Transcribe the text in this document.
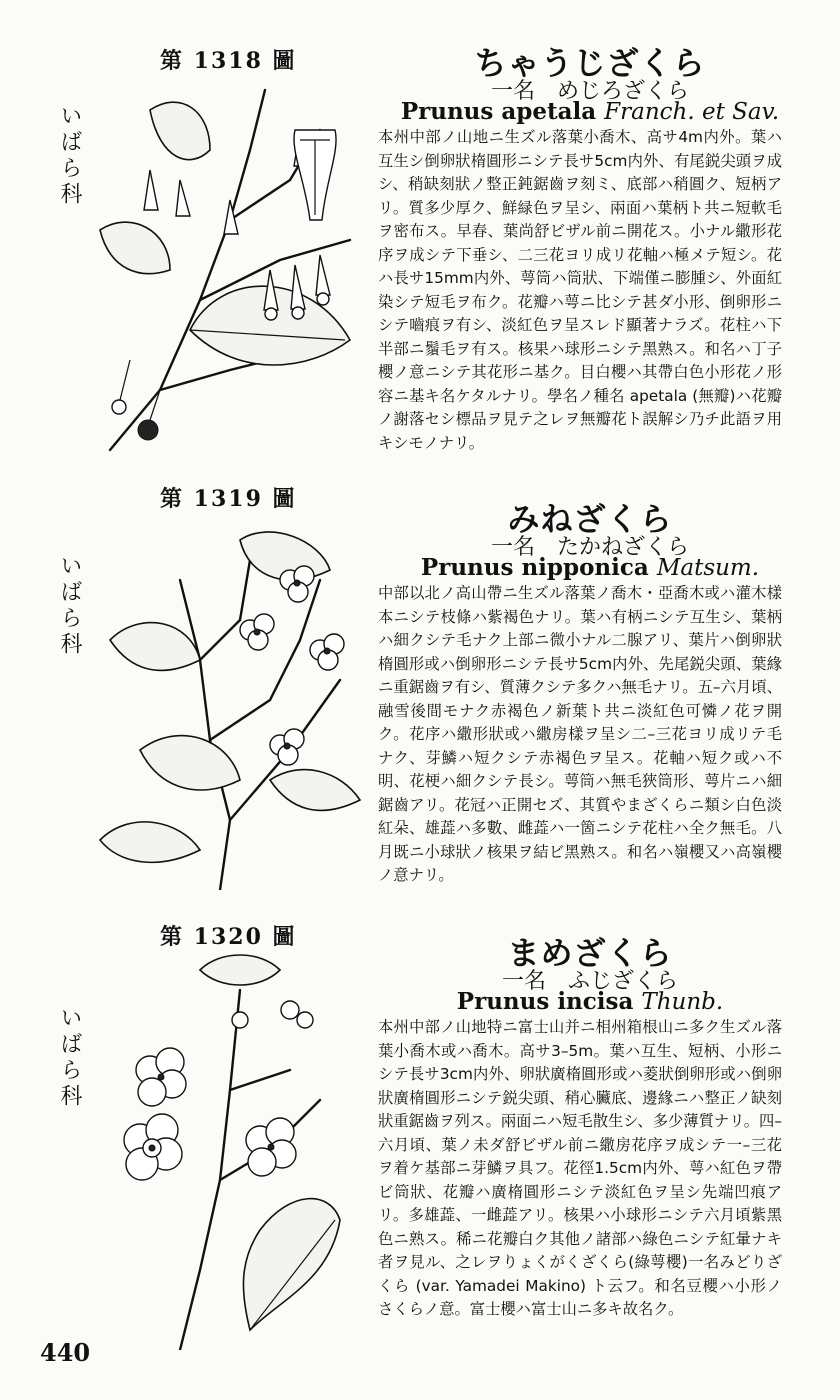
第 1318 圖
いばら科
ちゃうじざくら
一名　めじろざくら
Prunus apetala Franch. et Sav.
本州中部ノ山地ニ生ズル落葉小喬木、高サ4m内外。葉ハ互生シ倒卵狀楕圓形ニシテ長サ5cm内外、有尾鋭尖頭ヲ成シ、稍缺刻狀ノ整正鈍鋸齒ヲ刻ミ、底部ハ稍圓ク、短柄アリ。質多少厚ク、鮮緑色ヲ呈シ、兩面ハ葉柄ト共ニ短軟毛ヲ密布ス。早春、葉尚舒ビザル前ニ開花ス。小ナル繖形花序ヲ成シテ下垂シ、二三花ヨリ成リ花軸ハ極メテ短シ。花ハ長サ15mm内外、萼筒ハ筒狀、下端僅ニ膨腫シ、外面紅染シテ短毛ヲ布ク。花瓣ハ萼ニ比シテ甚ダ小形、倒卵形ニシテ嚙痕ヲ有シ、淡紅色ヲ呈スレド顯著ナラズ。花柱ハ下半部ニ鬚毛ヲ有ス。核果ハ球形ニシテ黑熟ス。和名ハ丁子櫻ノ意ニシテ其花形ニ基ク。目白櫻ハ其帶白色小形花ノ形容ニ基キ名ケタルナリ。學名ノ種名 apetala (無瓣)ハ花瓣ノ謝落セシ標品ヲ見テ之レヲ無瓣花ト誤解シ乃チ此語ヲ用キシモノナリ。
第 1319 圖
いばら科
みねざくら
一名　たかねざくら
Prunus nipponica Matsum.
中部以北ノ高山帶ニ生ズル落葉ノ喬木・亞喬木或ハ灌木樣本ニシテ枝條ハ紫褐色ナリ。葉ハ有柄ニシテ互生シ、葉柄ハ細クシテ毛ナク上部ニ微小ナル二腺アリ、葉片ハ倒卵狀楕圓形或ハ倒卵形ニシテ長サ5cm内外、先尾鋭尖頭、葉緣ニ重鋸齒ヲ有シ、質薄クシテ多クハ無毛ナリ。五–六月頃、融雪後間モナク赤褐色ノ新葉ト共ニ淡紅色可憐ノ花ヲ開ク。花序ハ繖形狀或ハ繖房樣ヲ呈シ二–三花ヨリ成リテ毛ナク、芽鱗ハ短クシテ赤褐色ヲ呈ス。花軸ハ短ク或ハ不明、花梗ハ細クシテ長シ。萼筒ハ無毛狹筒形、萼片ニハ細鋸齒アリ。花冠ハ正開セズ、其質やまざくらニ類シ白色淡紅朵、雄蕋ハ多數、雌蕋ハ一箇ニシテ花柱ハ全ク無毛。八月既ニ小球狀ノ核果ヲ結ビ黑熟ス。和名ハ嶺櫻又ハ高嶺櫻ノ意ナリ。
第 1320 圖
いばら科
まめざくら
一名　ふじざくら
Prunus incisa Thunb.
本州中部ノ山地特ニ富士山并ニ相州箱根山ニ多ク生ズル落葉小喬木或ハ喬木。高サ3–5m。葉ハ互生、短柄、小形ニシテ長サ3cm内外、卵狀廣楕圓形或ハ菱狀倒卵形或ハ倒卵狀廣楕圓形ニシテ鋭尖頭、稍心臟底、邊緣ニハ整正ノ缺刻狀重鋸齒ヲ列ス。兩面ニハ短毛散生シ、多少薄質ナリ。四–六月頃、葉ノ未ダ舒ビザル前ニ繖房花序ヲ成シテ一–三花ヲ着ケ基部ニ芽鱗ヲ具フ。花徑1.5cm内外、萼ハ紅色ヲ帶ビ筒狀、花瓣ハ廣楕圓形ニシテ淡紅色ヲ呈シ先端凹痕アリ。多雄蕋、一雌蕋アリ。核果ハ小球形ニシテ六月頃紫黑色ニ熟ス。稀ニ花瓣白ク其他ノ諸部ハ綠色ニシテ紅暈ナキ者ヲ見ル、之レヲりょくがくざくら(綠萼櫻)一名みどりざくら (var. Yamadei Makino) ト云フ。和名豆櫻ハ小形ノさくらノ意。富士櫻ハ富士山ニ多キ故名ク。
440
